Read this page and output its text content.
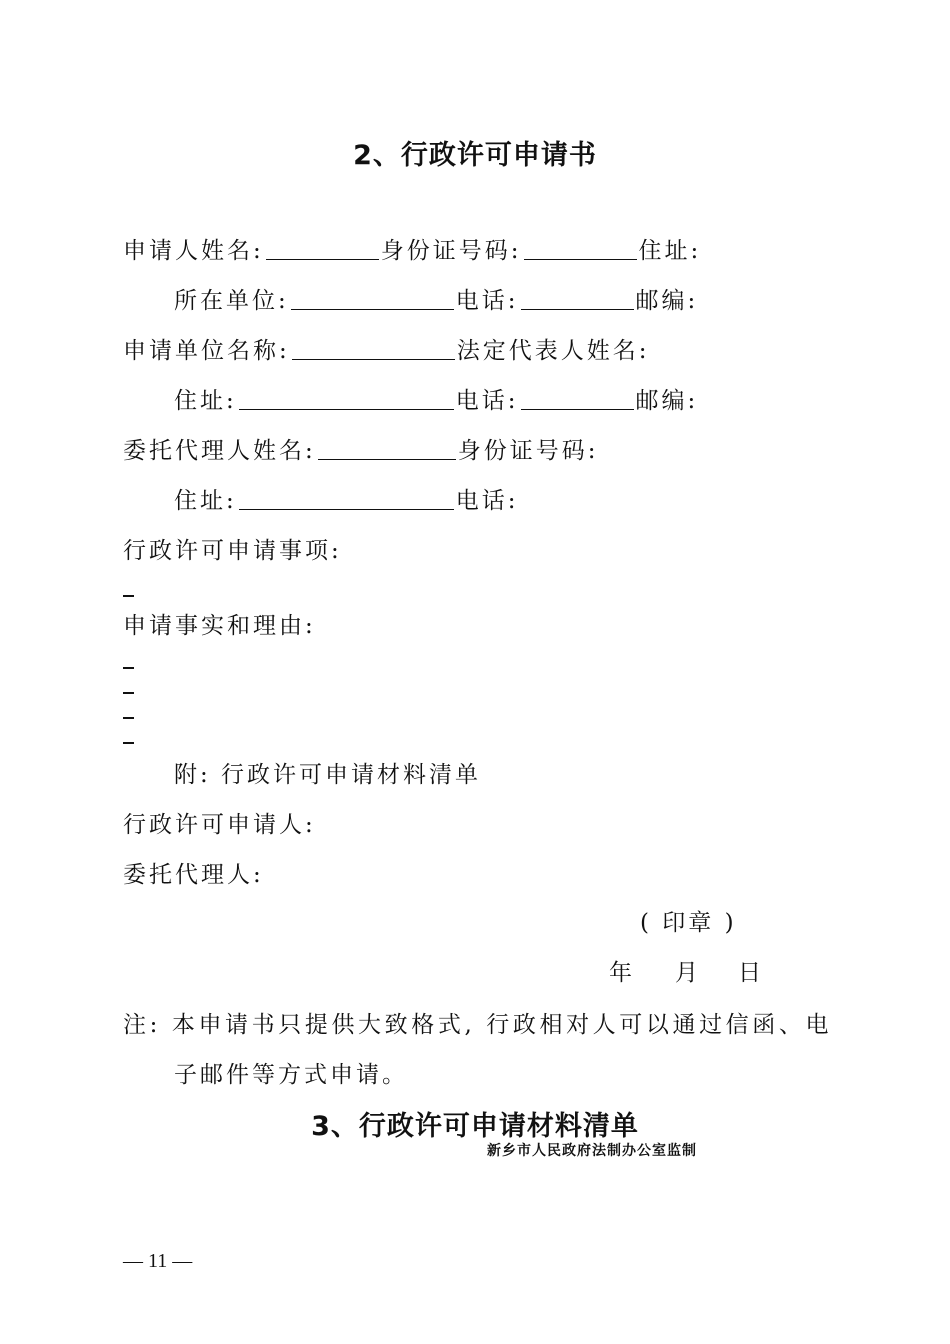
2、行政许可申请书
申请人姓名:	身份证号码:	住址:
所在单位:	电话:	邮编:
申请单位名称:	法定代表人姓名:
住址:	电话:	邮编:
委托代理人姓名:	身份证号码:
住址:	电话:
行政许可申请事项:
申请事实和理由:
附: 行政许可申请材料清单
行政许可申请人:
委托代理人:
( 印章 )
年 月 日
注: 本申请书只提供大致格式, 行政相对人可以通过信函、电
子邮件等方式申请。
3、行政许可申请材料清单
新乡市人民政府法制办公室监制
— 11 —
